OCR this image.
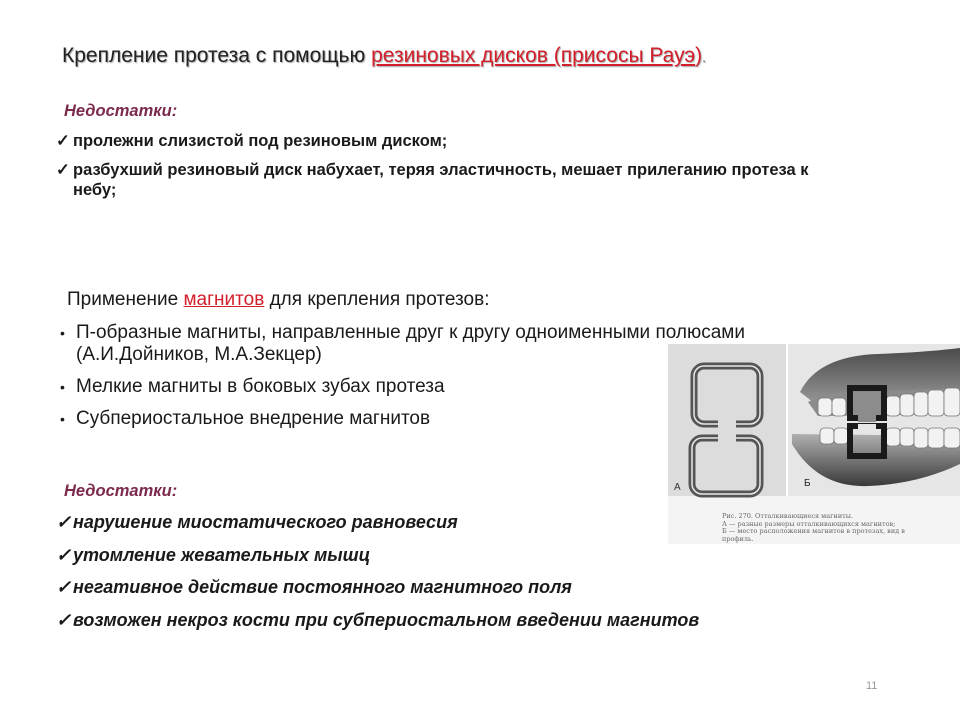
Крепление протеза с помощью резиновых дисков (присосы Рауэ).
Недостатки:
✓ пролежни слизистой под резиновым диском;
✓ разбухший резиновый диск набухает, теряя эластичность, мешает прилеганию протеза к небу;
Применение магнитов для крепления протезов:
• П-образные магниты, направленные друг к другу одноименными полюсами (А.И.Дойников, М.А.Зекцер)
• Мелкие магниты в боковых зубах протеза
• Субпериостальное внедрение магнитов
Недостатки:
✓ нарушение миостатического равновесия
✓ утомление жевательных мышц
✓ негативное действие постоянного магнитного поля
✓ возможен некроз кости при субпериостальном введении магнитов
А	Б
Рис. 270. Отталкивающиеся магниты.
А — разные размеры отталкивающихся магнитов;
Б — место расположения магнитов в протезах, вид в профиль.
11
